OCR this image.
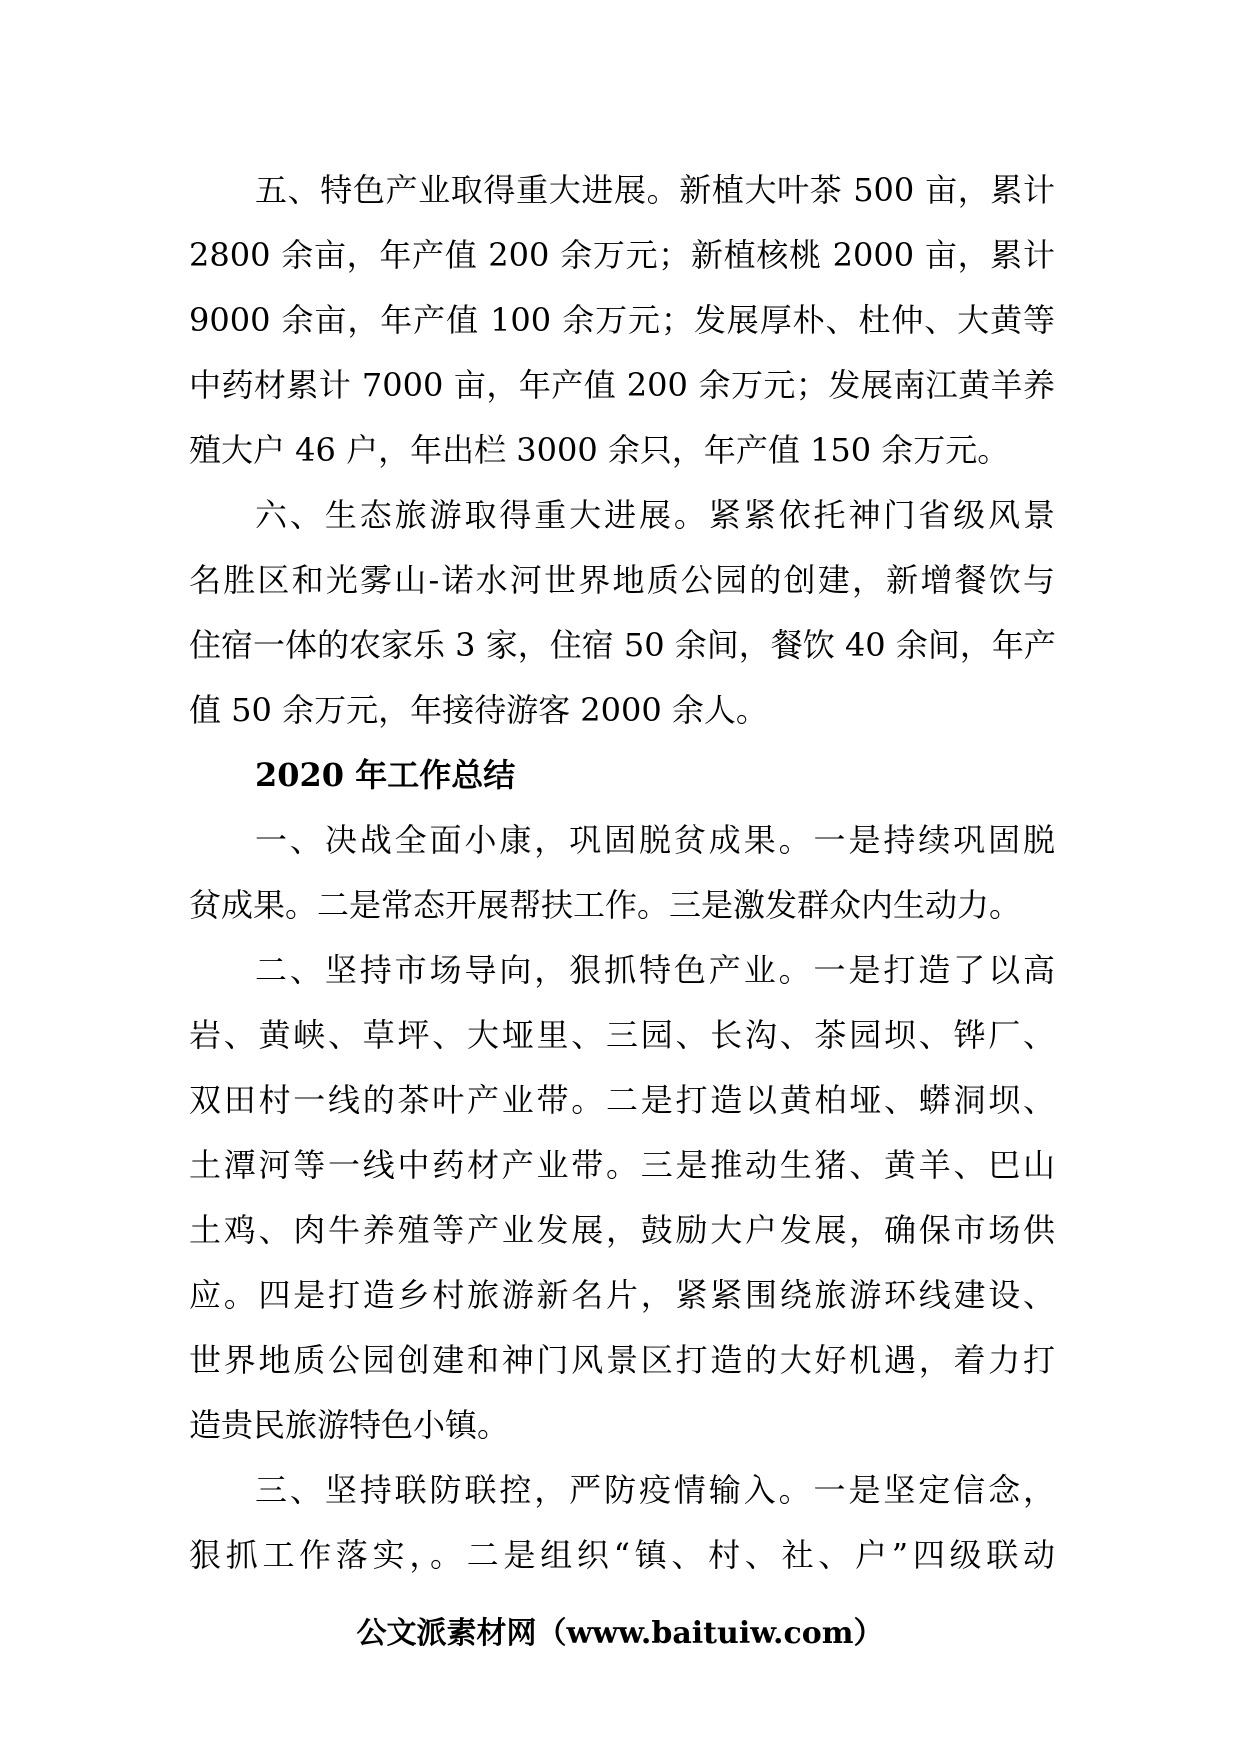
五、特色产业取得重大进展。新植大叶茶 500 亩，累计
2800 余亩，年产值 200 余万元；新植核桃 2000 亩，累计
9000 余亩，年产值 100 余万元；发展厚朴、杜仲、大黄等
中药材累计 7000 亩，年产值 200 余万元；发展南江黄羊养
殖大户 46 户，年出栏 3000 余只，年产值 150 余万元。
六、生态旅游取得重大进展。紧紧依托神门省级风景
名胜区和光雾山-诺水河世界地质公园的创建，新增餐饮与
住宿一体的农家乐 3 家，住宿 50 余间，餐饮 40 余间，年产
值 50 余万元，年接待游客 2000 余人。
2020 年工作总结
一、决战全面小康，巩固脱贫成果。一是持续巩固脱
贫成果。二是常态开展帮扶工作。三是激发群众内生动力。
二、坚持市场导向，狠抓特色产业。一是打造了以高
岩、黄峡、草坪、大垭里、三园、长沟、茶园坝、铧厂、
双田村一线的茶叶产业带。二是打造以黄柏垭、蟒洞坝、
土潭河等一线中药材产业带。三是推动生猪、黄羊、巴山
土鸡、肉牛养殖等产业发展，鼓励大户发展，确保市场供
应。四是打造乡村旅游新名片，紧紧围绕旅游环线建设、
世界地质公园创建和神门风景区打造的大好机遇，着力打
造贵民旅游特色小镇。
三、坚持联防联控，严防疫情输入。一是坚定信念，
狠抓工作落实，。二是组织“镇、村、社、户”四级联动
公文派素材网（www.baituiw.com）
